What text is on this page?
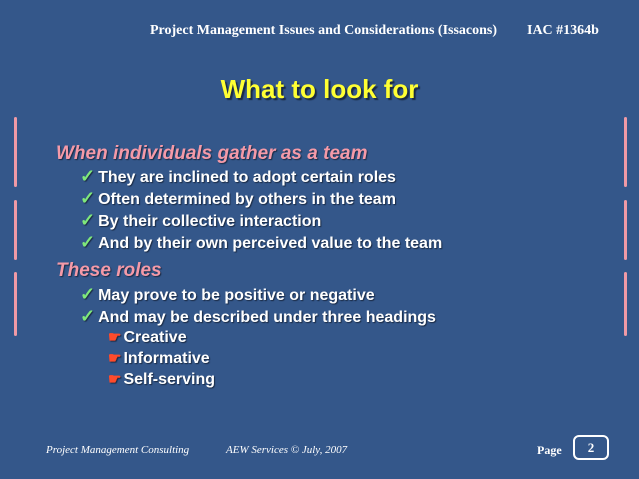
Project Management Issues and Considerations (Issacons) IAC #1364b
What to look for
When individuals gather as a team
✓ They are inclined to adopt certain roles
✓ Often determined by others in the team
✓ By their collective interaction
✓ And by their own perceived value to the team
These roles
✓ May prove to be positive or negative
✓ And may be described under three headings
☛ Creative
☛ Informative
☛ Self-serving
Project Management Consulting	AEW Services © July, 2007	Page	2
